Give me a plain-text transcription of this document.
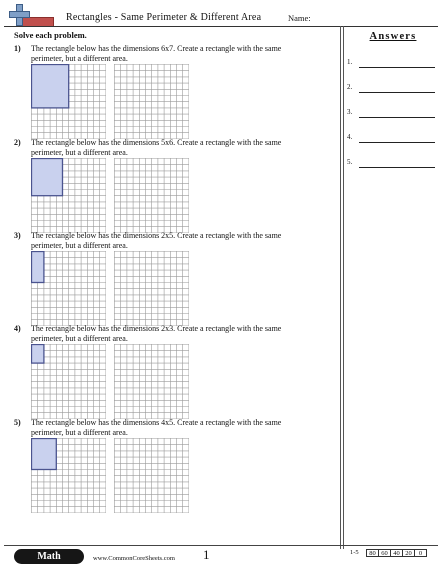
Rectangles - Same Perimeter & Different Area	Name:
Solve each problem.	Answers
1.
2.
3.
4.
5.
1) The rectangle below has the dimensions 6x7. Create a rectangle with the same perimeter, but a different area.
2) The rectangle below has the dimensions 5x6. Create a rectangle with the same perimeter, but a different area.
3) The rectangle below has the dimensions 2x5. Create a rectangle with the same perimeter, but a different area.
4) The rectangle below has the dimensions 2x3. Create a rectangle with the same perimeter, but a different area.
5) The rectangle below has the dimensions 4x5. Create a rectangle with the same perimeter, but a different area.
Math	www.CommonCoreSheets.com 1	1-5	80 60 40 20	0
